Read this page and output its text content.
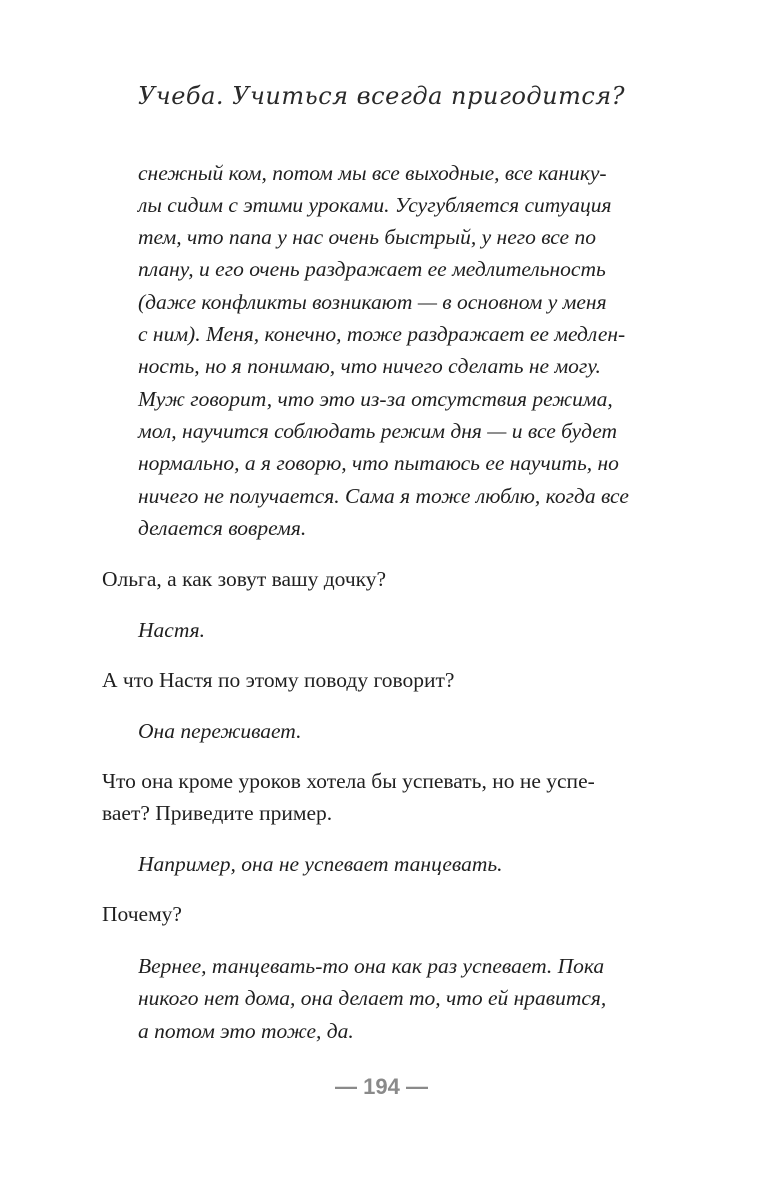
Учеба. Учиться всегда пригодится?
снежный ком, потом мы все выходные, все канику-
лы сидим с этими уроками. Усугубляется ситуация
тем, что папа у нас очень быстрый, у него все по
плану, и его очень раздражает ее медлительность
(даже конфликты возникают — в основном у меня
с ним). Меня, конечно, тоже раздражает ее медлен-
ность, но я понимаю, что ничего сделать не могу.
Муж говорит, что это из-за отсутствия режима,
мол, научится соблюдать режим дня — и все будет
нормально, а я говорю, что пытаюсь ее научить, но
ничего не получается. Сама я тоже люблю, когда все
делается вовремя.
Ольга, а как зовут вашу дочку?
Настя.
А что Настя по этому поводу говорит?
Она переживает.
Что она кроме уроков хотела бы успевать, но не успе-
вает? Приведите пример.
Например, она не успевает танцевать.
Почему?
Вернее, танцевать-то она как раз успевает. Пока
никого нет дома, она делает то, что ей нравится,
а потом это тоже, да.
— 194 —
